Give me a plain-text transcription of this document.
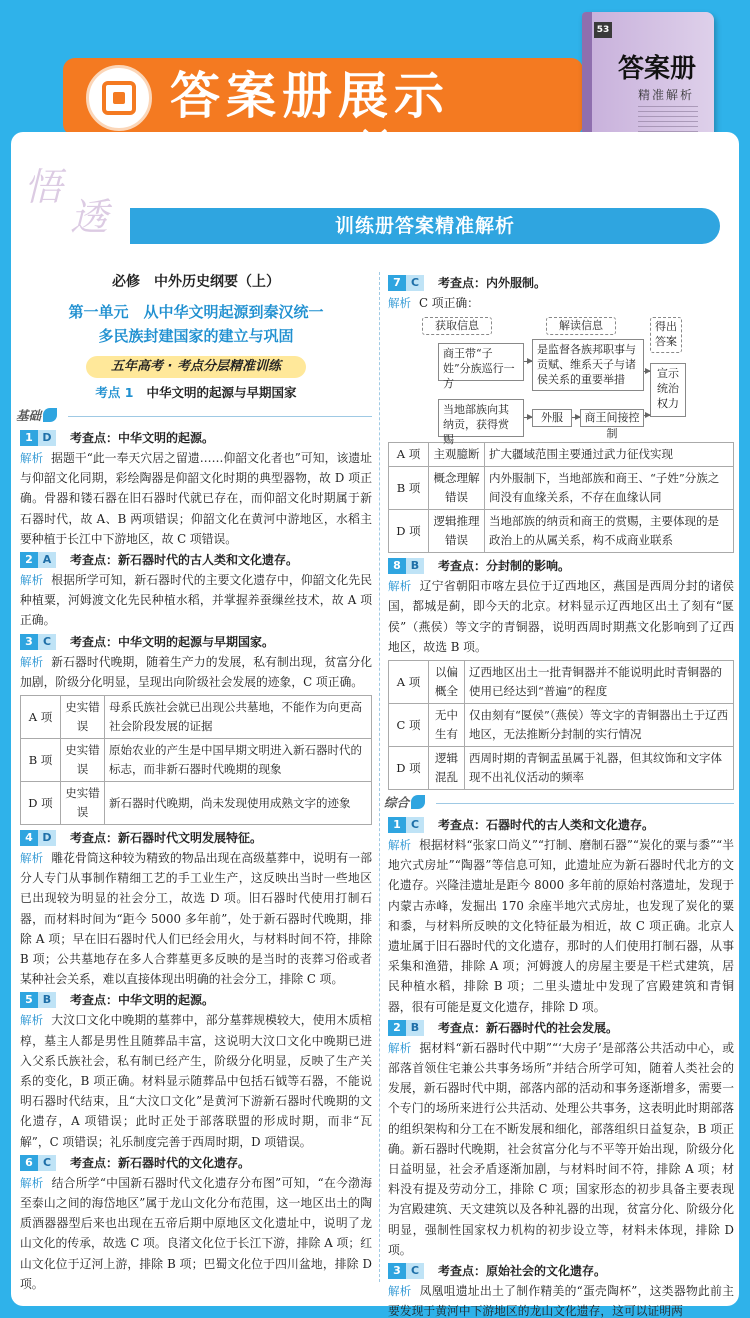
答案册展示
53
答案册
精准解析
悟
透	训练册答案精准解析
必修　中外历史纲要（上）
第一单元　从中华文明起源到秦汉统一
多民族封建国家的建立与巩固
五年高考 · 考点分层精准训练
考点 1 中华文明的起源与早期国家
基础
1 D	考查点： 中华文明的起源。
解析 据题干“此一奉天穴居之留遗……仰韶文化者也”可知，该遗址与仰韶文化同期，彩绘陶器是仰韶文化时期的典型器物，故 D 项正确。骨器和镂石器在旧石器时代就已存在，而仰韶文化时期属于新石器时代，故 A、B 两项错误；仰韶文化在黄河中游地区，水稻主要种植于长江中下游地区，故 C 项错误。
2 A	考查点： 新石器时代的古人类和文化遗存。
解析 根据所学可知，新石器时代的主要文化遗存中，仰韶文化先民种植粟，河姆渡文化先民种植水稻，并掌握养蚕缫丝技术，故 A 项正确。
3 C	考查点： 中华文明的起源与早期国家。
解析 新石器时代晚期，随着生产力的发展，私有制出现，贫富分化加剧，阶级分化明显，呈现出向阶级社会发展的迹象，C 项正确。
A 项	史实错误	母系氏族社会就已出现公共墓地，不能作为向更高社会阶段发展的证据
B 项	史实错误	原始农业的产生是中国早期文明进入新石器时代的标志，而非新石器时代晚期的现象
D 项	史实错误	新石器时代晚期，尚未发现使用成熟文字的迹象
4 D	考查点： 新石器时代文明发展特征。
解析 雕花骨筒这种较为精致的物品出现在高级墓葬中，说明有一部分人专门从事制作精细工艺的手工业生产，这反映出当时一些地区已出现较为明显的社会分工，故选 D 项。旧石器时代使用打制石器，而材料时间为“距今 5000 多年前”，处于新石器时代晚期，排除 A 项；早在旧石器时代人们已经会用火，与材料时间不符，排除 B 项；公共墓地存在多人合葬墓更多反映的是当时的丧葬习俗或者某种社会关系，难以直接体现出明确的社会分工，排除 C 项。
5 B	考查点： 中华文明的起源。
解析 大汶口文化中晚期的墓葬中，部分墓葬规模较大，使用木质棺椁，墓主人都是男性且随葬品丰富，这说明大汶口文化中晚期已进入父系氏族社会，私有制已经产生，阶级分化明显，反映了生产关系的变化，B 项正确。材料显示随葬品中包括石钺等石器，不能说明石器时代结束，且“大汶口文化”是黄河下游新石器时代晚期的文化遗存，A 项错误；此时正处于部落联盟的形成时期，而非“瓦解”，C 项错误；礼乐制度完善于西周时期，D 项错误。
6 C	考查点： 新石器时代的文化遗存。
解析 结合所学“中国新石器时代文化遗存分布图”可知，“在今渤海至泰山之间的海岱地区”属于龙山文化分布范围，这一地区出土的陶质酒器器型后来也出现在五帝后期中原地区文化遗址中，说明了龙山文化的传承，故选 C 项。良渚文化位于长江下游，排除 A 项；红山文化位于辽河上游，排除 B 项；巴蜀文化位于四川盆地，排除 D 项。
7 C	考查点： 内外服制。
解析 C 项正确：
获取信息	解读信息	得出答案
商王带“子姓”分族巡行一方
是监督各族邦职事与贡赋、维系天子与诸侯关系的重要举措	宣示统治权力
当地部族向其纳贡，获得赏赐
外服	商王间接控制
A 项	主观臆断	扩大疆域范围主要通过武力征伐实现
B 项	概念理解错误	内外服制下，当地部族和商王、“子姓”分族之间没有血缘关系，不存在血缘认同
D 项	逻辑推理错误	当地部族的纳贡和商王的赏赐，主要体现的是政治上的从属关系，构不成商业联系
8 B	考查点： 分封制的影响。
解析 辽宁省朝阳市喀左县位于辽西地区，燕国是西周分封的诸侯国，都城是蓟，即今天的北京。材料显示辽西地区出土了刻有“匽侯”（燕侯）等文字的青铜器，说明西周时期燕文化影响到了辽西地区，故选 B 项。
A 项	以偏概全	辽西地区出土一批青铜器并不能说明此时青铜器的使用已经达到“普遍”的程度
C 项	无中生有	仅由刻有“匽侯”（燕侯）等文字的青铜器出土于辽西地区，无法推断分封制的实行情况
D 项	逻辑混乱	西周时期的青铜盂虽属于礼器，但其纹饰和文字体现不出礼仪活动的频率
综合
1 C	考查点： 石器时代的古人类和文化遗存。
解析 根据材料“张家口尚义”“打制、磨制石器”“炭化的粟与黍”“半地穴式房址”“陶器”等信息可知，此遗址应为新石器时代北方的文化遗存。兴隆洼遗址是距今 8000 多年前的原始村落遗址，发现于内蒙古赤峰，发掘出 170 余座半地穴式房址，也发现了炭化的粟和黍，与材料所反映的文化特征最为相近，故 C 项正确。北京人遗址属于旧石器时代的文化遗存，那时的人们使用打制石器，从事采集和渔猎，排除 A 项；河姆渡人的房屋主要是干栏式建筑，居民种植水稻，排除 B 项；二里头遗址中发现了宫殿建筑和青铜器，很有可能是夏文化遗存，排除 D 项。
2 B	考查点： 新石器时代的社会发展。
解析 据材料“新石器时代中期”“‘大房子’是部落公共活动中心，或部落首领住宅兼公共事务场所”并结合所学可知，随着人类社会的发展，新石器时代中期，部落内部的活动和事务逐渐增多，需要一个专门的场所来进行公共活动、处理公共事务，这表明此时期部落的组织架构和分工在不断发展和细化，部落组织日益复杂，B 项正确。新石器时代晚期，社会贫富分化与不平等开始出现，阶级分化日益明显，社会矛盾逐渐加剧，与材料时间不符，排除 A 项；材料没有提及劳动分工，排除 C 项；国家形态的初步具备主要表现为宫殿建筑、天文建筑以及各种礼器的出现，贫富分化、阶级分化明显，强制性国家权力机构的初步设立等，材料未体现，排除 D 项。
3 C	考查点： 原始社会的文化遗存。
解析 凤凰咀遗址出土了制作精美的“蛋壳陶杯”，这类器物此前主要发现于黄河中下游地区的龙山文化遗存，这可以证明两
